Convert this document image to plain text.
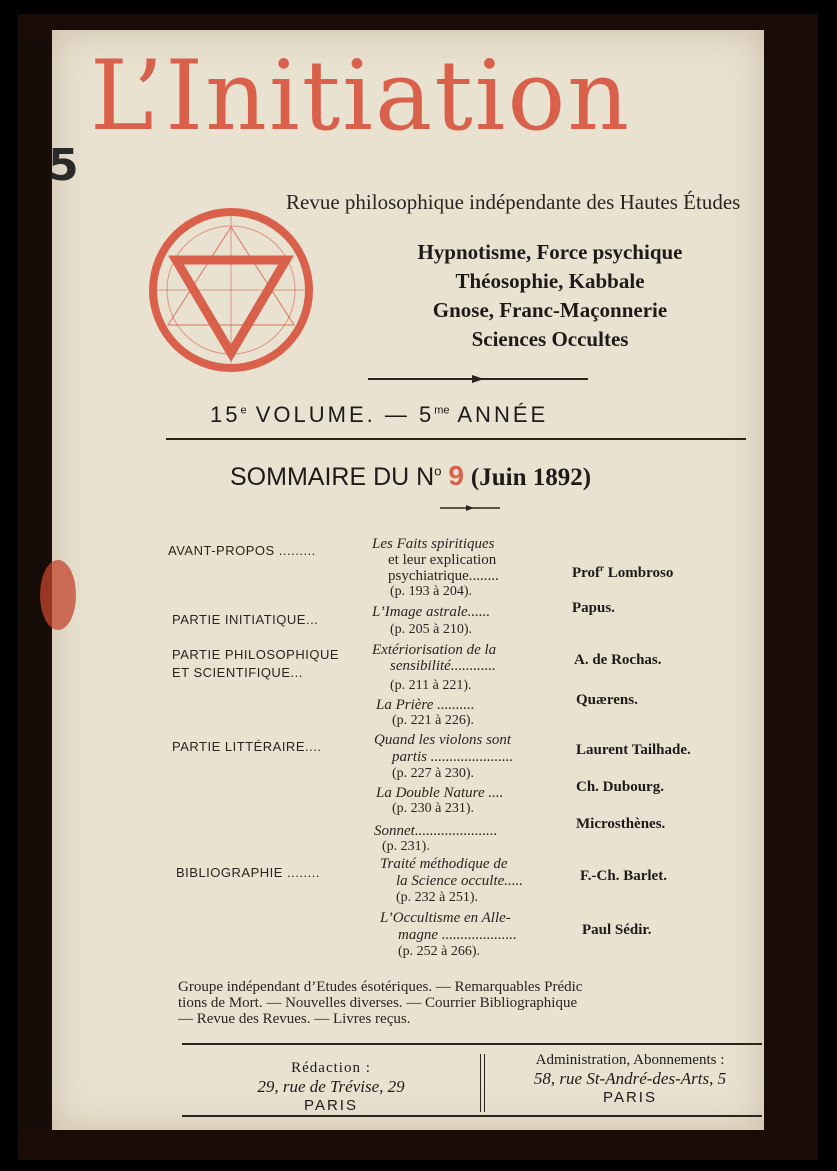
5
L’Initiation
Revue philosophique indépendante des Hautes Études
Hypnotisme, Force psychique
Théosophie, Kabbale
Gnose, Franc-Maçonnerie
Sciences Occultes
15e VOLUME. — $5^{me}$ ANNÉE
SOMMAIRE DU $N^o$ 9 (Juin 1892)
AVANT-PROPOS .........
PARTIE INITIATIQUE...
PARTIE PHILOSOPHIQUE
ET SCIENTIFIQUE...
PARTIE LITTÉRAIRE....
BIBLIOGRAPHIE ........
Les Faits spiritiques
et leur explication
psychiatrique........
(p. 193 à 204).
Prof$^r$ Lombroso
L’Image astrale......
(p. 205 à 210).
Papus.
Extériorisation de la
sensibilité............
(p. 211 à 221).
A. de Rochas.
La Prière ..........
(p. 221 à 226).
Quærens.
Quand les violons sont
partis ......................
(p. 227 à 230).
Laurent Tailhade.
La Double Nature ....
(p. 230 à 231).
Ch. Dubourg.
Sonnet......................
(p. 231).
Microsthènes.
Traité méthodique de
la Science occulte.....
(p. 232 à 251).
F.-Ch. Barlet.
L’Occultisme en Alle-
magne ....................
(p. 252 à 266).
Paul Sédir.
Groupe indépendant d’Etudes ésotériques. — Remarquables Prédic
tions de Mort. — Nouvelles diverses. — Courrier Bibliographique
— Revue des Revues. — Livres reçus.
Rédaction :
29, rue de Trévise, 29
PARIS
Administration, Abonnements :
58, rue St-André-des-Arts, 5
PARIS
